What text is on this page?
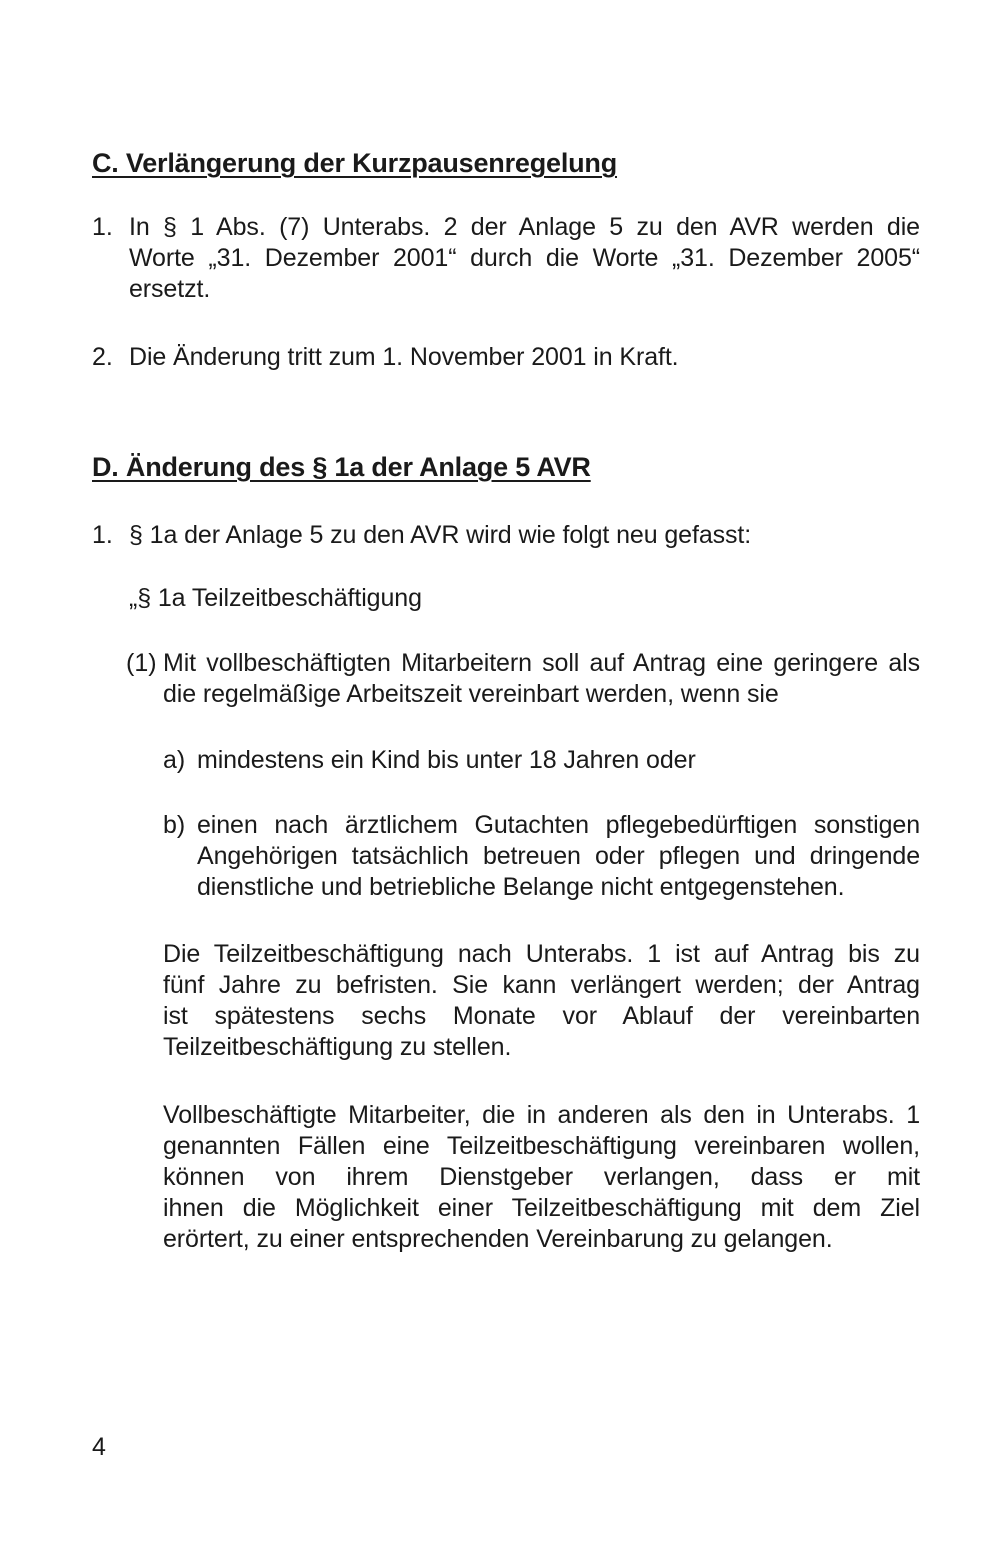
C. Verlängerung der Kurzpausenregelung
1. In § 1 Abs. (7) Unterabs. 2 der Anlage 5 zu den AVR werden die
Worte „31. Dezember 2001“ durch die Worte „31. Dezember 2005“
ersetzt.
2. Die Änderung tritt zum 1. November 2001 in Kraft.
D. Änderung des § 1a der Anlage 5 AVR
1. § 1a der Anlage 5 zu den AVR wird wie folgt neu gefasst:
„§ 1a Teilzeitbeschäftigung
(1) Mit vollbeschäftigten Mitarbeitern soll auf Antrag eine geringere als
die regelmäßige Arbeitszeit vereinbart werden, wenn sie
a) mindestens ein Kind bis unter 18 Jahren oder
b) einen nach ärztlichem Gutachten pflegebedürftigen sonstigen
Angehörigen tatsächlich betreuen oder pflegen und dringende
dienstliche und betriebliche Belange nicht entgegenstehen.
Die Teilzeitbeschäftigung nach Unterabs. 1 ist auf Antrag bis zu
fünf Jahre zu befristen. Sie kann verlängert werden; der Antrag
ist spätestens sechs Monate vor Ablauf der vereinbarten
Teilzeitbeschäftigung zu stellen.
Vollbeschäftigte Mitarbeiter, die in anderen als den in Unterabs. 1
genannten Fällen eine Teilzeitbeschäftigung vereinbaren wollen,
können von ihrem Dienstgeber verlangen, dass er mit
ihnen die Möglichkeit einer Teilzeitbeschäftigung mit dem Ziel
erörtert, zu einer entsprechenden Vereinbarung zu gelangen.
4
